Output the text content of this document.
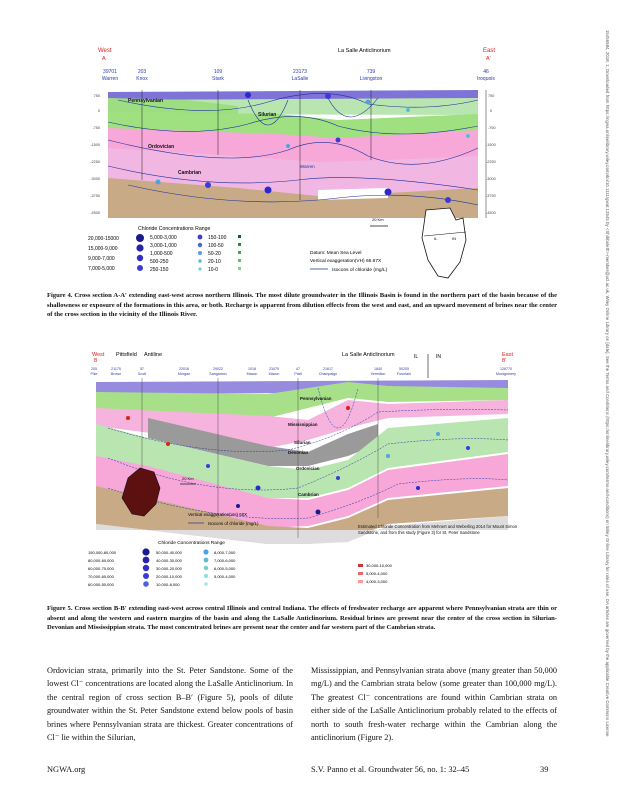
15456584, 2018, 1, Downloaded from https://ngwa.onlinelibrary.wiley.com/doi/10.1111/gwat.12545 by <Shibboleth>-member@ucl.ac.uk, Wiley Online Library on [date]. See the Terms and Conditions (https://onlinelibrary.wiley.com/terms-and-conditions) on Wiley Online Library for rules of use; OA articles are governed by the applicable Creative Commons License
West
A
East
A'
La Salle Anticlinorium
39701
Warren
203
Knox
109
Stark
23173
LaSalle
739
Livingston
46
Iroquois
750
0
-750
-1500
-2250
-3000
-3750
-4500
750
0
-750
-1500
-2250
-3000
-3750
-4500
Pennsylvanian
Silurian
Ordovician
Cambrian
Warren
Chloride Concentrations Range
20,000-15000
15,000-9,000
9,000-7,000
7,000-5,000
5,000-3,000
3,000-1,000
1,000-500
500-250
250-150
150-100
100-50
50-20
20-10
10-0
Datum: Mean Sea Level
Vertical exaggeration(VH) 66.67X
Isocons of chloride (mg/L)
20 Km
IL	IN
Figure 4. Cross section A-A′ extending east-west across northern Illinois. The most dilute groundwater in the Illinois Basin is found in the northern part of the basin because of the shallowness or exposure of the formations in this area, or both. Recharge is apparent from dilution effects from the west and east, and an upward movement of brines near the center of the cross section in the vicinity of the Illinois River.
West
B
East
B'
Pittsfield Antiline	La Salle Anticlinorium	IL	IN
205
Pike
21175
Brown
57
Scott
22016
Morgan
29022
Sangamon
1018
Macon
23475
Macon
47
Piatt
21617
Champaign
1840
Vermilion
50205
Fountain
126770
Montgomery
Pennsylvanian
Mississippian
Silurian
Devonian
Ordovician
Cambrian
20 Km
Vertical exaggeration(VH) 60X
Isocons of chloride (mg/L)
Chloride Concentrations Range
150,000-80,000
80,000-60,000
60,000-70,000
70,000-60,000
60,000-50,000
50,000-40,000
40,000-30,000
30,000-20,000
20,000-10,000
10,000-8,000
8,000-7,000
7,000-6,000
6,000-5,000
5,000-4,000
Estimated Chloride Concentration from Mehnert and Weberling 2014 for Mount Simon Sandstone, and from this study (Figure 3) for St. Peter Sandstone
30,000-10,000
5,000-4,000
4,000-3,000
Figure 5. Cross section B-B′ extending east-west across central Illinois and central Indiana. The effects of freshwater recharge are apparent where Pennsylvanian strata are thin or absent and along the western and eastern margins of the basin and along the LaSalle Anticlinorium. Residual brines are present near the center of the cross section in Silurian-Devonian and Mississippian strata. The most concentrated brines are present near the center and far western part of the Cambrian strata.
Ordovician strata, primarily into the St. Peter Sandstone. Some of the lowest Cl⁻ concentrations are located along the LaSalle Anticlinorium. In the central region of cross section B–B′ (Figure 5), pools of dilute groundwater within the St. Peter Sandstone extend below pools of basin brines where Pennsylvanian strata are thickest. Greater concentrations of Cl⁻ lie within the Silurian,
Mississippian, and Pennsylvanian strata above (many greater than 50,000 mg/L) and the Cambrian strata below (some greater than 100,000 mg/L). The greatest Cl⁻ concentrations are found within Cambrian strata on either side of the LaSalle Anticlinorium probably related to the effects of north to south fresh-water recharge within the Cambrian along the anticlinorium (Figure 2).
NGWA.org	S.V. Panno et al. Groundwater 56, no. 1: 32–45	39
